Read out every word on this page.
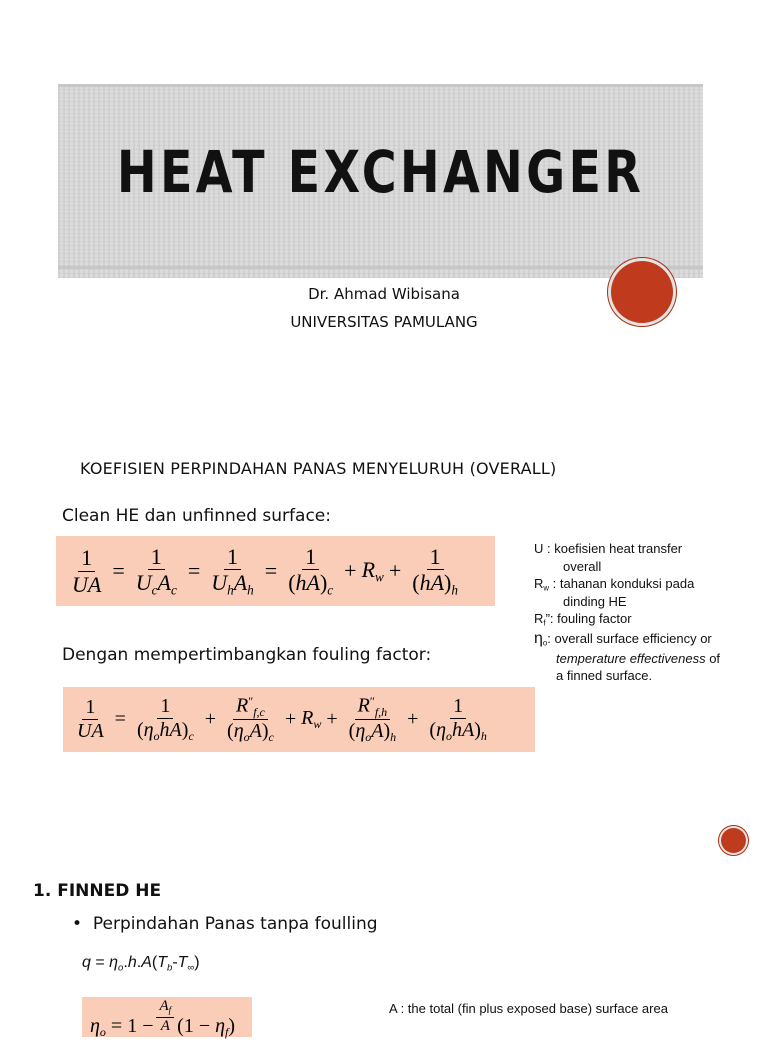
HEAT EXCHANGER
Dr. Ahmad Wibisana
UNIVERSITAS PAMULANG
KOEFISIEN PERPINDAHAN PANAS MENYELURUH (OVERALL)
Clean HE dan unfinned surface:
$\frac{1}{UA} = \frac{1}{U_cA_c} = \frac{1}{U_hA_h} = \frac{1}{(hA)_c} + R_w + \frac{1}{(hA)_h}$
Dengan mempertimbangkan fouling factor:
$\frac{1}{UA} = \frac{1}{(\eta_ohA)_c} + \frac{R''_{f,c}}{(\eta_oA)_c} + R_w + \frac{R''_{f,h}}{(\eta_oA)_h} + \frac{1}{(\eta_ohA)_h}$
U : koefisien heat transfer
overall
$R_w$ : tahanan konduksi pada
dinding HE
$R_f$”: fouling factor
$\eta_o$: overall surface efficiency or
temperature effectiveness of
a finned surface.
1. FINNED HE
•  Perpindahan Panas tanpa foulling
$q = \eta_o.h.A(T_b-T_\infty)$
$\eta_o = 1 - \frac{A_f}{A} (1 - \eta_f)$
A : the total (fin plus exposed base) surface area
